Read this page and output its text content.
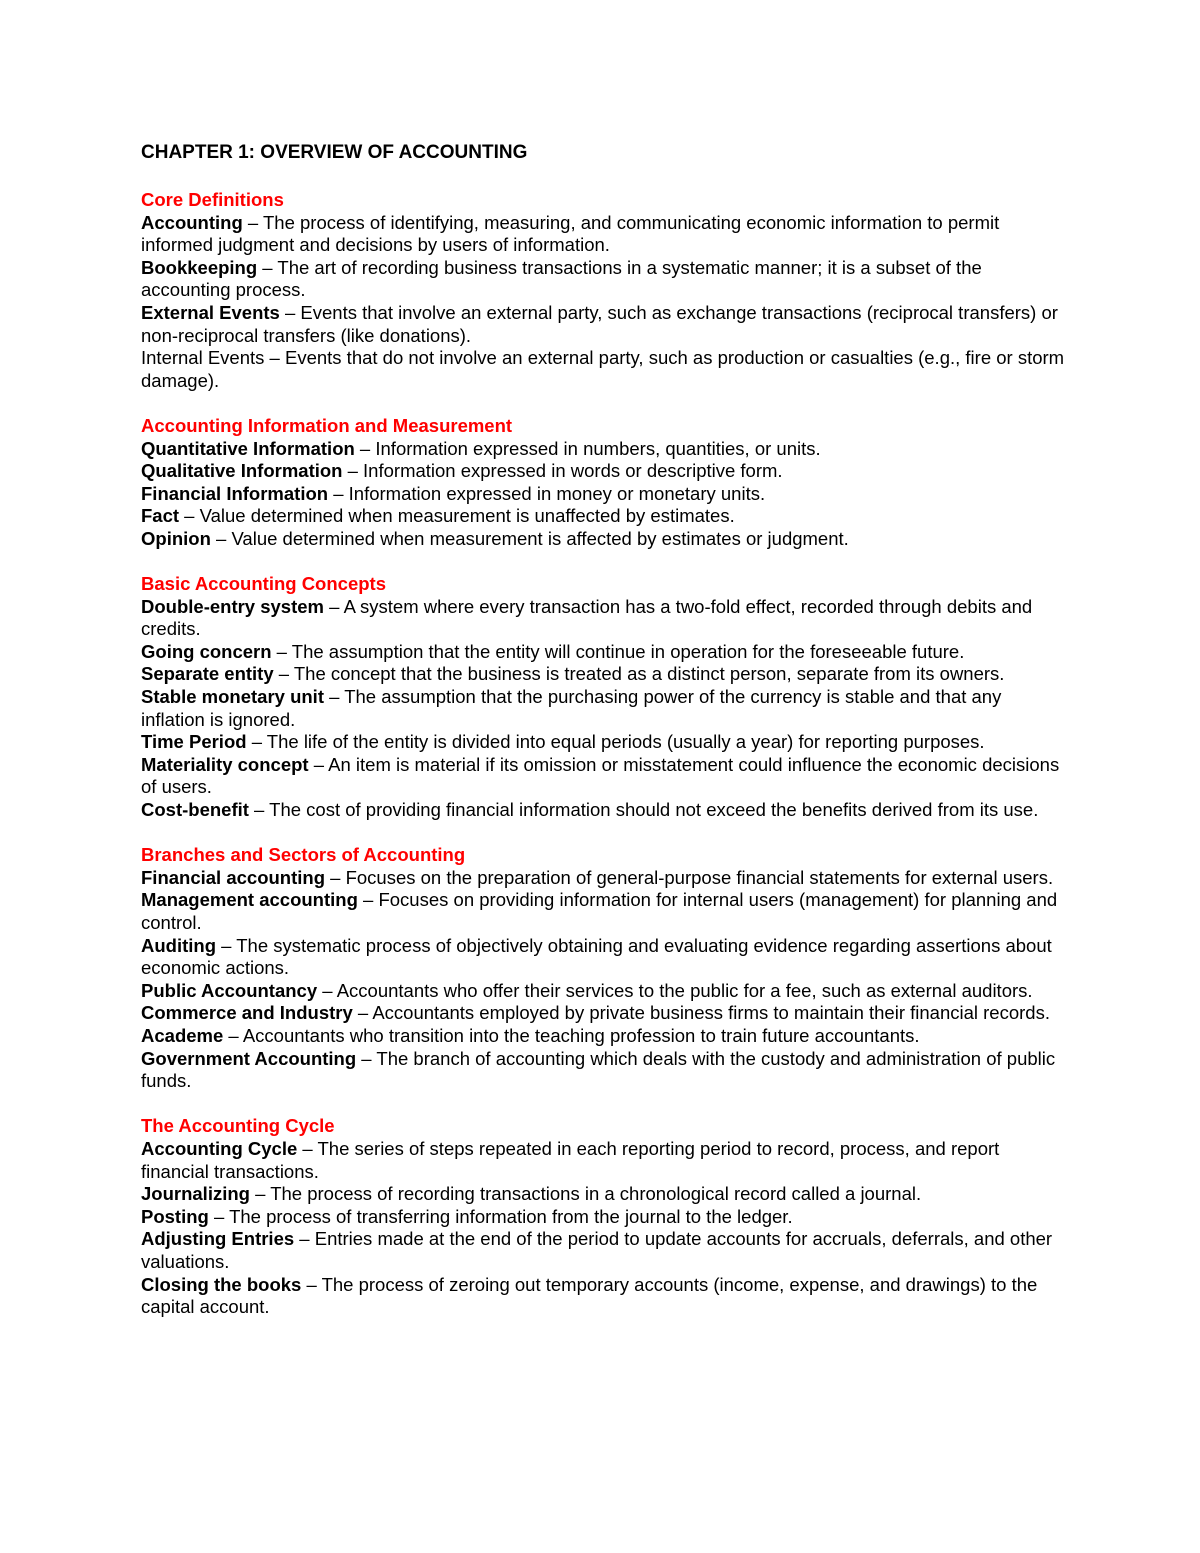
CHAPTER 1: OVERVIEW OF ACCOUNTING
Core Definitions
Accounting – The process of identifying, measuring, and communicating economic information to permit informed judgment and decisions by users of information.
Bookkeeping – The art of recording business transactions in a systematic manner; it is a subset of the accounting process.
External Events – Events that involve an external party, such as exchange transactions (reciprocal transfers) or non-reciprocal transfers (like donations).
Internal Events – Events that do not involve an external party, such as production or casualties (e.g., fire or storm damage).
Accounting Information and Measurement
Quantitative Information – Information expressed in numbers, quantities, or units.
Qualitative Information – Information expressed in words or descriptive form.
Financial Information – Information expressed in money or monetary units.
Fact – Value determined when measurement is unaffected by estimates.
Opinion – Value determined when measurement is affected by estimates or judgment.
Basic Accounting Concepts
Double-entry system – A system where every transaction has a two-fold effect, recorded through debits and credits.
Going concern – The assumption that the entity will continue in operation for the foreseeable future.
Separate entity – The concept that the business is treated as a distinct person, separate from its owners.
Stable monetary unit – The assumption that the purchasing power of the currency is stable and that any inflation is ignored.
Time Period – The life of the entity is divided into equal periods (usually a year) for reporting purposes.
Materiality concept – An item is material if its omission or misstatement could influence the economic decisions of users.
Cost-benefit – The cost of providing financial information should not exceed the benefits derived from its use.
Branches and Sectors of Accounting
Financial accounting – Focuses on the preparation of general-purpose financial statements for external users.
Management accounting – Focuses on providing information for internal users (management) for planning and control.
Auditing – The systematic process of objectively obtaining and evaluating evidence regarding assertions about economic actions.
Public Accountancy – Accountants who offer their services to the public for a fee, such as external auditors.
Commerce and Industry – Accountants employed by private business firms to maintain their financial records.
Academe – Accountants who transition into the teaching profession to train future accountants.
Government Accounting – The branch of accounting which deals with the custody and administration of public funds.
The Accounting Cycle
Accounting Cycle – The series of steps repeated in each reporting period to record, process, and report financial transactions.
Journalizing – The process of recording transactions in a chronological record called a journal.
Posting – The process of transferring information from the journal to the ledger.
Adjusting Entries – Entries made at the end of the period to update accounts for accruals, deferrals, and other valuations.
Closing the books – The process of zeroing out temporary accounts (income, expense, and drawings) to the capital account.
